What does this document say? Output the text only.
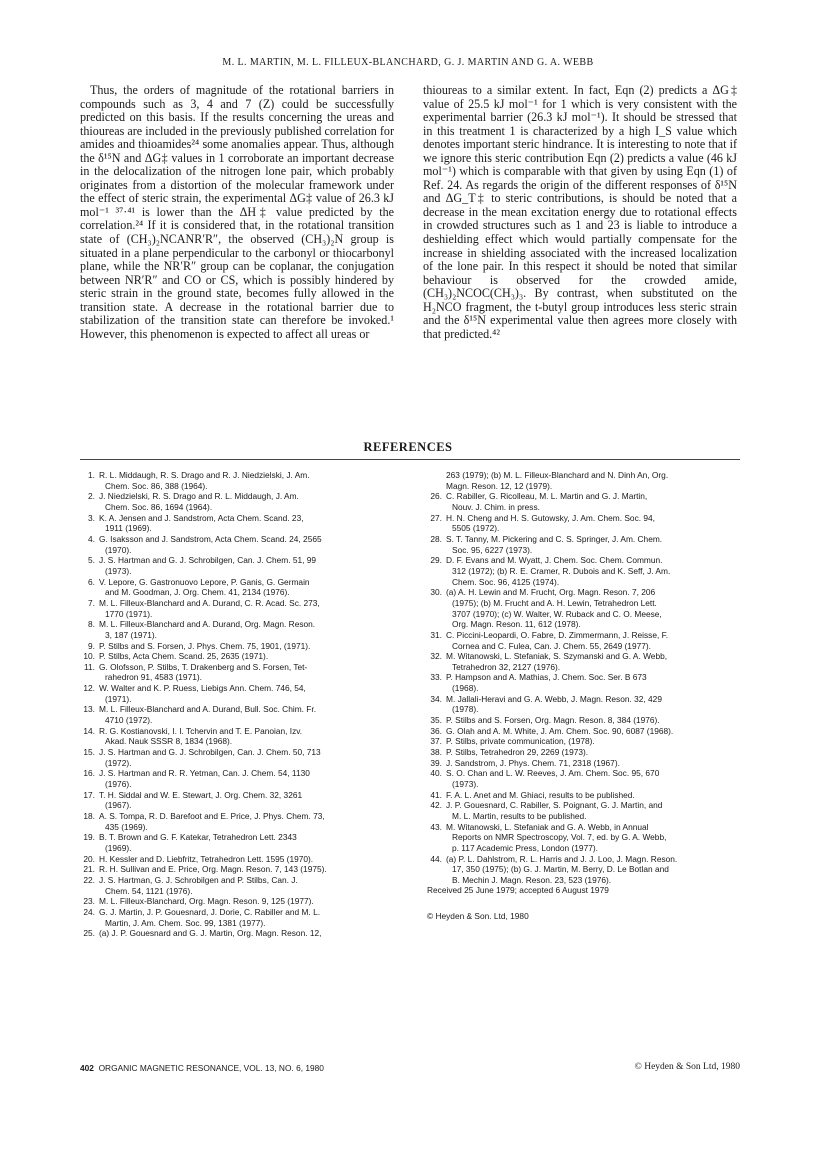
M. L. MARTIN, M. L. FILLEUX-BLANCHARD, G. J. MARTIN AND G. A. WEBB

Thus, the orders of magnitude of the rotational barriers in compounds such as 3, 4 and 7 (Z) could be successfully predicted on this basis. If the results concerning the ureas and thioureas are included in the previously published correlation for amides and thioamides²⁴ some anomalies appear. Thus, although the δ¹⁵N and ΔG‡ values in 1 corroborate an important decrease in the delocalization of the nitrogen lone pair, which probably originates from a distortion of the molecular framework under the effect of steric strain, the experimental ΔG‡ value of 26.3 kJ mol⁻¹ ³⁷·⁴¹ is lower than the ΔH‡ value predicted by the correlation.²⁴ If it is considered that, in the rotational transition state of (CH₃)₂NCANR′R″, the observed (CH₃)₂N group is situated in a plane perpendicular to the carbonyl or thiocarbonyl plane, while the NR′R″ group can be coplanar, the conjugation between NR′R″ and CO or CS, which is possibly hindered by steric strain in the ground state, becomes fully allowed in the transition state. A decrease in the rotational barrier due to stabilization of the transition state can therefore be invoked.¹ However, this phenomenon is expected to affect all ureas or

thioureas to a similar extent. In fact, Eqn (2) predicts a ΔG‡ value of 25.5 kJ mol⁻¹ for 1 which is very consistent with the experimental barrier (26.3 kJ mol⁻¹). It should be stressed that in this treatment 1 is characterized by a high I_S value which denotes important steric hindrance. It is interesting to note that if we ignore this steric contribution Eqn (2) predicts a value (46 kJ mol⁻¹) which is comparable with that given by using Eqn (1) of Ref. 24. As regards the origin of the different responses of δ¹⁵N and ΔG_T‡ to steric contributions, is should be noted that a decrease in the mean excitation energy due to rotational effects in crowded structures such as 1 and 23 is liable to introduce a deshielding effect which would partially compensate for the increase in shielding associated with the increased localization of the lone pair. In this respect it should be noted that similar behaviour is observed for the crowded amide, (CH₃)₂NCOC(CH₃)₃. By contrast, when substituted on the H₂NCO fragment, the t-butyl group introduces less steric strain and the δ¹⁵N experimental value then agrees more closely with that predicted.⁴²

REFERENCES
1. R. L. Middaugh, R. S. Drago and R. J. Niedzielski, J. Am.
Chem. Soc. 86, 388 (1964).
2. J. Niedzielski, R. S. Drago and R. L. Middaugh, J. Am.
Chem. Soc. 86, 1694 (1964).
3. K. A. Jensen and J. Sandstrom, Acta Chem. Scand. 23,
1911 (1969).
4. G. Isaksson and J. Sandstrom, Acta Chem. Scand. 24, 2565
(1970).
5. J. S. Hartman and G. J. Schrobilgen, Can. J. Chem. 51, 99
(1973).
6. V. Lepore, G. Gastronuovo Lepore, P. Ganis, G. Germain
and M. Goodman, J. Org. Chem. 41, 2134 (1976).
7. M. L. Filleux-Blanchard and A. Durand, C. R. Acad. Sc. 273,
1770 (1971).
8. M. L. Filleux-Blanchard and A. Durand, Org. Magn. Reson.
3, 187 (1971).
9. P. Stilbs and S. Forsen, J. Phys. Chem. 75, 1901, (1971).
10. P. Stilbs, Acta Chem. Scand. 25, 2635 (1971).
11. G. Olofsson, P. Stilbs, T. Drakenberg and S. Forsen, Tet-
rahedron 91, 4583 (1971).
12. W. Walter and K. P. Ruess, Liebigs Ann. Chem. 746, 54,
(1971).
13. M. L. Filleux-Blanchard and A. Durand, Bull. Soc. Chim. Fr.
4710 (1972).
14. R. G. Kostianovski, I. I. Tchervin and T. E. Panoian, Izv.
Akad. Nauk SSSR 8, 1834 (1968).
15. J. S. Hartman and G. J. Schrobilgen, Can. J. Chem. 50, 713
(1972).
16. J. S. Hartman and R. R. Yetman, Can. J. Chem. 54, 1130
(1976).
17. T. H. Siddal and W. E. Stewart, J. Org. Chem. 32, 3261
(1967).
18. A. S. Tompa, R. D. Barefoot and E. Price, J. Phys. Chem. 73,
435 (1969).
19. B. T. Brown and G. F. Katekar, Tetrahedron Lett. 2343
(1969).
20. H. Kessler and D. Liebfritz, Tetrahedron Lett. 1595 (1970).
21. R. H. Sullivan and E. Price, Org. Magn. Reson. 7, 143 (1975).
22. J. S. Hartman, G. J. Schrobilgen and P. Stilbs, Can. J.
Chem. 54, 1121 (1976).
23. M. L. Filleux-Blanchard, Org. Magn. Reson. 9, 125 (1977).
24. G. J. Martin, J. P. Gouesnard, J. Dorie, C. Rabiller and M. L.
Martin, J. Am. Chem. Soc. 99, 1381 (1977).
25. (a) J. P. Gouesnard and G. J. Martin, Org. Magn. Reson. 12,
263 (1979); (b) M. L. Filleux-Blanchard and N. Dinh An, Org.
Magn. Reson. 12, 12 (1979).
26. C. Rabiller, G. Ricolleau, M. L. Martin and G. J. Martin,
Nouv. J. Chim. in press.
27. H. N. Cheng and H. S. Gutowsky, J. Am. Chem. Soc. 94,
5505 (1972).
28. S. T. Tanny, M. Pickering and C. S. Springer, J. Am. Chem.
Soc. 95, 6227 (1973).
29. D. F. Evans and M. Wyatt, J. Chem. Soc. Chem. Commun.
312 (1972); (b) R. E. Cramer, R. Dubois and K. Seff, J. Am.
Chem. Soc. 96, 4125 (1974).
30. (a) A. H. Lewin and M. Frucht, Org. Magn. Reson. 7, 206
(1975); (b) M. Frucht and A. H. Lewin, Tetrahedron Lett.
3707 (1970); (c) W. Walter, W. Ruback and C. O. Meese,
Org. Magn. Reson. 11, 612 (1978).
31. C. Piccini-Leopardi, O. Fabre, D. Zimmermann, J. Reisse, F.
Cornea and C. Fulea, Can. J. Chem. 55, 2649 (1977).
32. M. Witanowski, L. Stefaniak, S. Szymanski and G. A. Webb,
Tetrahedron 32, 2127 (1976).
33. P. Hampson and A. Mathias, J. Chem. Soc. Ser. B 673
(1968).
34. M. Jallali-Heravi and G. A. Webb, J. Magn. Reson. 32, 429
(1978).
35. P. Stilbs and S. Forsen, Org. Magn. Reson. 8, 384 (1976).
36. G. Olah and A. M. White, J. Am. Chem. Soc. 90, 6087 (1968).
37. P. Stilbs, private communication, (1978).
38. P. Stilbs, Tetrahedron 29, 2269 (1973).
39. J. Sandstrom, J. Phys. Chem. 71, 2318 (1967).
40. S. O. Chan and L. W. Reeves, J. Am. Chem. Soc. 95, 670
(1973).
41. F. A. L. Anet and M. Ghiaci, results to be published.
42. J. P. Gouesnard, C. Rabiller, S. Poignant, G. J. Martin, and
M. L. Martin, results to be published.
43. M. Witanowski, L. Stefaniak and G. A. Webb, in Annual
Reports on NMR Spectroscopy, Vol. 7, ed. by G. A. Webb,
p. 117 Academic Press, London (1977).
44. (a) P. L. Dahlstrom, R. L. Harris and J. J. Loo, J. Magn. Reson.
17, 350 (1975); (b) G. J. Martin, M. Berry, D. Le Botlan and
B. Mechin J. Magn. Reson. 23, 523 (1976).
Received 25 June 1979; accepted 6 August 1979
© Heyden & Son. Ltd, 1980
402 ORGANIC MAGNETIC RESONANCE, VOL. 13, NO. 6, 1980	© Heyden & Son Ltd, 1980
